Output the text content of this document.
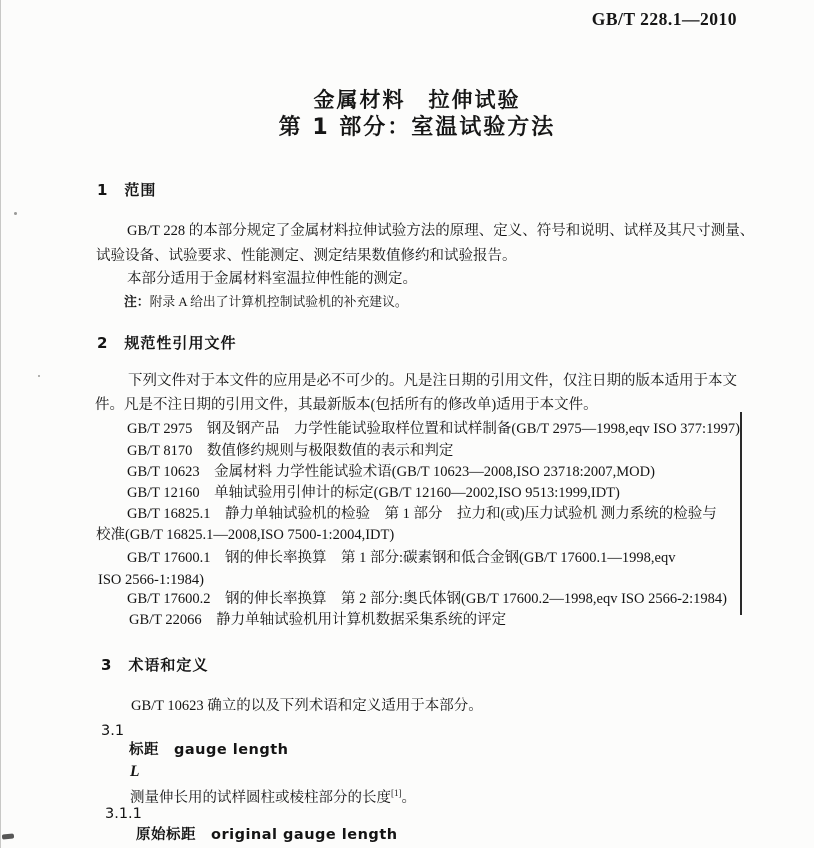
GB/T 228.1—2010
金属材料　拉伸试验
第 1 部分：室温试验方法
1　范围
GB/T 228 的本部分规定了金属材料拉伸试验方法的原理、定义、符号和说明、试样及其尺寸测量、
试验设备、试验要求、性能测定、测定结果数值修约和试验报告。
本部分适用于金属材料室温拉伸性能的测定。
注：附录 A 给出了计算机控制试验机的补充建议。
2　规范性引用文件
下列文件对于本文件的应用是必不可少的。凡是注日期的引用文件，仅注日期的版本适用于本文
件。凡是不注日期的引用文件，其最新版本(包括所有的修改单)适用于本文件。
GB/T 2975　钢及钢产品　力学性能试验取样位置和试样制备(GB/T 2975—1998,eqv ISO 377:1997)
GB/T 8170　数值修约规则与极限数值的表示和判定
GB/T 10623　金属材料 力学性能试验术语(GB/T 10623—2008,ISO 23718:2007,MOD)
GB/T 12160　单轴试验用引伸计的标定(GB/T 12160—2002,ISO 9513:1999,IDT)
GB/T 16825.1　静力单轴试验机的检验　第 1 部分　拉力和(或)压力试验机 测力系统的检验与
校准(GB/T 16825.1—2008,ISO 7500-1:2004,IDT)
GB/T 17600.1　钢的伸长率换算　第 1 部分:碳素钢和低合金钢(GB/T 17600.1—1998,eqv
ISO 2566-1:1984)
GB/T 17600.2　钢的伸长率换算　第 2 部分:奥氏体钢(GB/T 17600.2—1998,eqv ISO 2566-2:1984)
GB/T 22066　静力单轴试验机用计算机数据采集系统的评定
3　术语和定义
GB/T 10623 确立的以及下列术语和定义适用于本部分。
3.1
标距　gauge length
L
测量伸长用的试样圆柱或棱柱部分的长度[1]。
3.1.1
原始标距　original gauge length
